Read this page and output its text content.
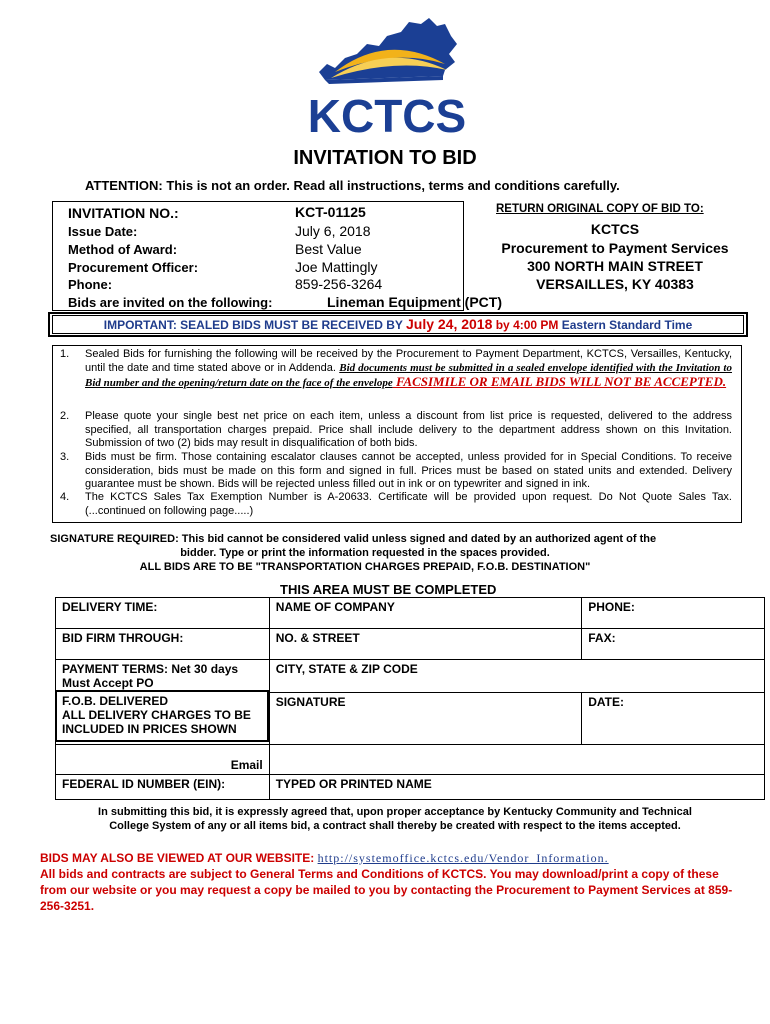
KCTCS
INVITATION TO BID
ATTENTION: This is not an order. Read all instructions, terms and conditions carefully.
INVITATION NO.:	KCT-01125
Issue Date:	July 6, 2018
Method of Award:	Best Value
Procurement Officer:	Joe Mattingly
Phone:	859-256-3264
Bids are invited on the following:	Lineman Equipment (PCT)
RETURN ORIGINAL COPY OF BID TO:
KCTCS
Procurement to Payment Services
300 NORTH MAIN STREET
VERSAILLES, KY 40383
IMPORTANT: SEALED BIDS MUST BE RECEIVED BY July 24, 2018 by 4:00 PM Eastern Standard Time
1. Sealed Bids for furnishing the following will be received by the Procurement to Payment Department, KCTCS, Versailles, Kentucky, until the date and time stated above or in Addenda. Bid documents must be submitted in a sealed envelope identified with the Invitation to Bid number and the opening/return date on the face of the envelope FACSIMILE OR EMAIL BIDS WILL NOT BE ACCEPTED.
2. Please quote your single best net price on each item, unless a discount from list price is requested, delivered to the address specified, all transportation charges prepaid. Price shall include delivery to the department address shown on this Invitation. Submission of two (2) bids may result in disqualification of both bids.
3. Bids must be firm. Those containing escalator clauses cannot be accepted, unless provided for in Special Conditions. To receive consideration, bids must be made on this form and signed in full. Prices must be based on stated units and extended. Delivery guarantee must be shown. Bids will be rejected unless filled out in ink or on typewriter and signed in ink.
4. The KCTCS Sales Tax Exemption Number is A-20633. Certificate will be provided upon request. Do Not Quote Sales Tax. (...continued on following page.....)
SIGNATURE REQUIRED: This bid cannot be considered valid unless signed and dated by an authorized agent of the
bidder. Type or print the information requested in the spaces provided.
ALL BIDS ARE TO BE "TRANSPORTATION CHARGES PREPAID, F.O.B. DESTINATION"
THIS AREA MUST BE COMPLETED
DELIVERY TIME:	NAME OF COMPANY	PHONE:
BID FIRM THROUGH:	NO. & STREET	FAX:

PAYMENT TERMS: Net 30 days
Must Accept PO	CITY, STATE & ZIP CODE	

F.O.B. DELIVERED
ALL DELIVERY CHARGES TO BE
INCLUDED IN PRICES SHOWN	SIGNATURE	DATE:
Email		
FEDERAL ID NUMBER (EIN):	TYPED OR PRINTED NAME	
In submitting this bid, it is expressly agreed that, upon proper acceptance by Kentucky Community and Technical
College System of any or all items bid, a contract shall thereby be created with respect to the items accepted.
BIDS MAY ALSO BE VIEWED AT OUR WEBSITE: http://systemoffice.kctcs.edu/Vendor_Information.
All bids and contracts are subject to General Terms and Conditions of KCTCS. You may download/print a copy of these from our website or you may request a copy be mailed to you by contacting the Procurement to Payment Services at 859-256-3251.
